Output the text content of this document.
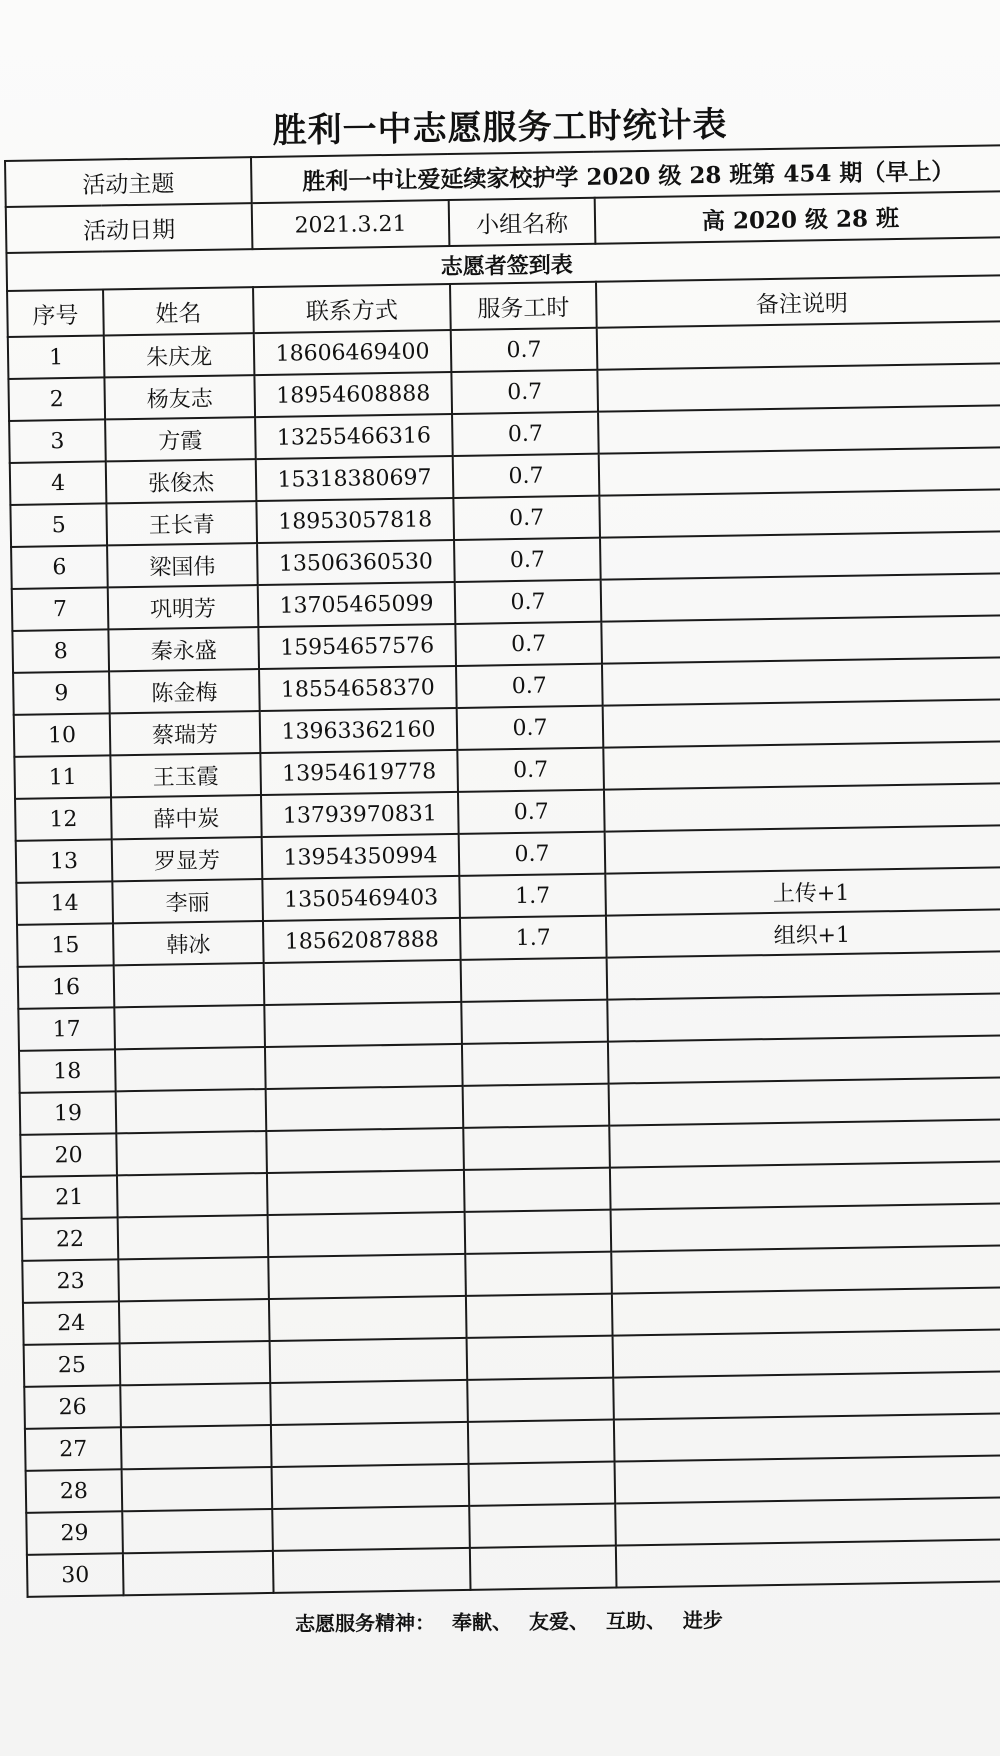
胜利一中志愿服务工时统计表
活动主题		胜利一中让爱延续家校护学 2020 级 28 班第 454 期（早上）		
活动日期		2021.3.21	小组名称	高 2020 级 28 班
志愿者签到表				
序号	姓名	联系方式	服务工时	备注说明
1	朱庆龙	18606469400	0.7	
2	杨友志	18954608888	0.7	
3	方霞	13255466316	0.7	
4	张俊杰	15318380697	0.7	
5	王长青	18953057818	0.7	
6	梁国伟	13506360530	0.7	
7	巩明芳	13705465099	0.7	
8	秦永盛	15954657576	0.7	
9	陈金梅	18554658370	0.7	
10	蔡瑞芳	13963362160	0.7	
11	王玉霞	13954619778	0.7	
12	薛中炭	13793970831	0.7	
13	罗显芳	13954350994	0.7	
14	李丽	13505469403	1.7	上传+1
15	韩冰	18562087888	1.7	组织+1
16				
17				
18				
19				
20				
21				
22				
23				
24				
25				
26				
27				
28				
29				
30				
志愿服务精神： 奉献、 友爱、 互助、 进步
